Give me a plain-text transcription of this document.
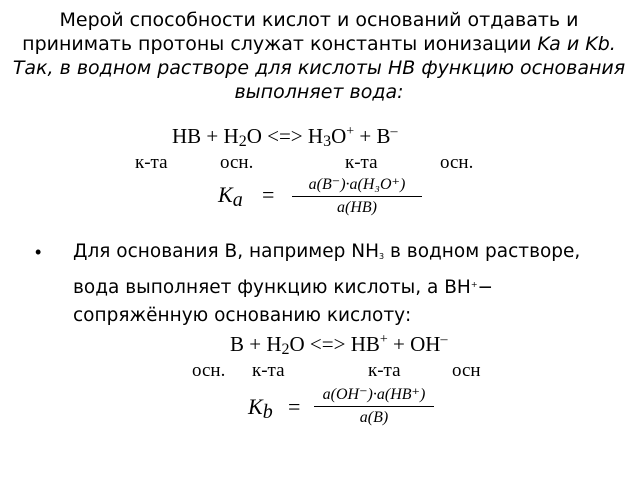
Мерой способности кислот и оснований отдавать и
принимать протоны служат константы ионизации Ka и Kb.
Так, в водном растворе для кислоты HB функцию основания
выполняет вода:
HB + H2O <=> H3O+ + B–
к-та	осн.	к-та	осн.
Ka =	a(B⁻)·a(H₃O⁺)
a(HB)
• Для основания В, например $NH_3$ в водном растворе, вода выполняет функцию кислоты, а ВН+− сопряжённую основанию кислоту:
B + H2O <=> HB+ + OH–
осн. к-та	к-та	осн
Kb =	a(OH⁻)·a(HB⁺)
a(B)
